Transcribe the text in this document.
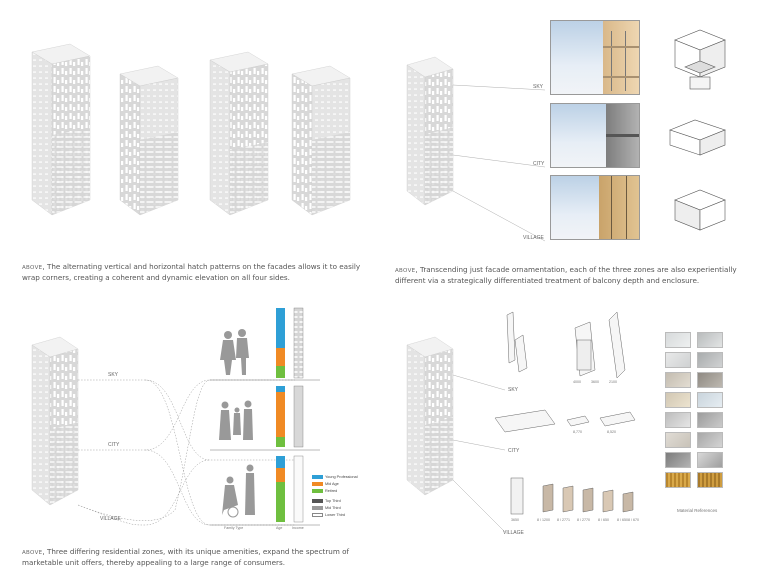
ABOVE, The alternating vertical and horizontal hatch patterns on the facades allows it to easily wrap corners, creating a coherent and dynamic elevation on all four sides.
SKY
CITY
VILLAGE
ABOVE, Transcending just facade ornamentation, each of the three zones are also experientially different via a strategically differentiated treatment of balcony depth and enclosure.
SKY
CITY
VILLAGE
Family Type	Age	Income
Young Professional
Mid Age
Retired
Top Third
Mid Third
Lower Third
ABOVE, Three differing residential zones, with its unique amenities, expand the spectrum of marketable unit offers, thereby appealing to a large range of consumers.
SKY
CITY
VILLAGE
4000	3600	2100
8,770	8,520
3650	8 / 1200 8 / 2771 8 / 2770 8 / 650 8 / 650 8 / 670
Material References
